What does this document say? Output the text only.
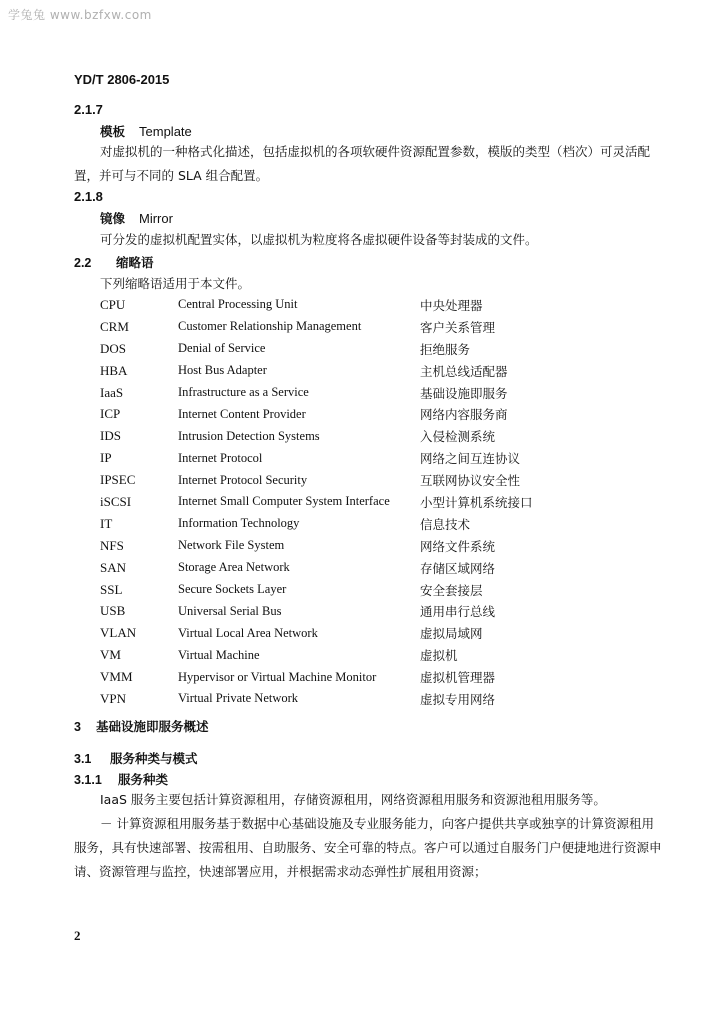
学兔兔 www.bzfxw.com
YD/T 2806-2015
2.1.7
模板 Template
对虚拟机的一种格式化描述，包括虚拟机的各项软硬件资源配置参数，模版的类型（档次）可灵活配置，并可与不同的 SLA 组合配置。
2.1.8
镜像 Mirror
可分发的虚拟机配置实体，以虚拟机为粒度将各虚拟硬件设备等封装成的文件。
2.2 缩略语
下列缩略语适用于本文件。
CPU	Central Processing Unit	中央处理器
CRM	Customer Relationship Management	客户关系管理
DOS	Denial of Service	拒绝服务
HBA	Host Bus Adapter	主机总线适配器
IaaS	Infrastructure as a Service	基础设施即服务
ICP	Internet Content Provider	网络内容服务商
IDS	Intrusion Detection Systems	入侵检测系统
IP	Internet Protocol	网络之间互连协议
IPSEC	Internet Protocol Security	互联网协议安全性
iSCSI	Internet Small Computer System Interface	小型计算机系统接口
IT	Information Technology	信息技术
NFS	Network File System	网络文件系统
SAN	Storage Area Network	存储区域网络
SSL	Secure Sockets Layer	安全套接层
USB	Universal Serial Bus	通用串行总线
VLAN	Virtual Local Area Network	虚拟局域网
VM	Virtual Machine	虚拟机
VMM	Hypervisor or Virtual Machine Monitor	虚拟机管理器
VPN	Virtual Private Network	虚拟专用网络
3 基础设施即服务概述
3.1 服务种类与模式
3.1.1 服务种类
IaaS 服务主要包括计算资源租用，存储资源租用，网络资源租用服务和资源池租用服务等。
－ 计算资源租用服务基于数据中心基础设施及专业服务能力，向客户提供共享或独享的计算资源租用服务，具有快速部署、按需租用、自助服务、安全可靠的特点。客户可以通过自服务门户便捷地进行资源申请、资源管理与监控，快速部署应用，并根据需求动态弹性扩展租用资源；
2
